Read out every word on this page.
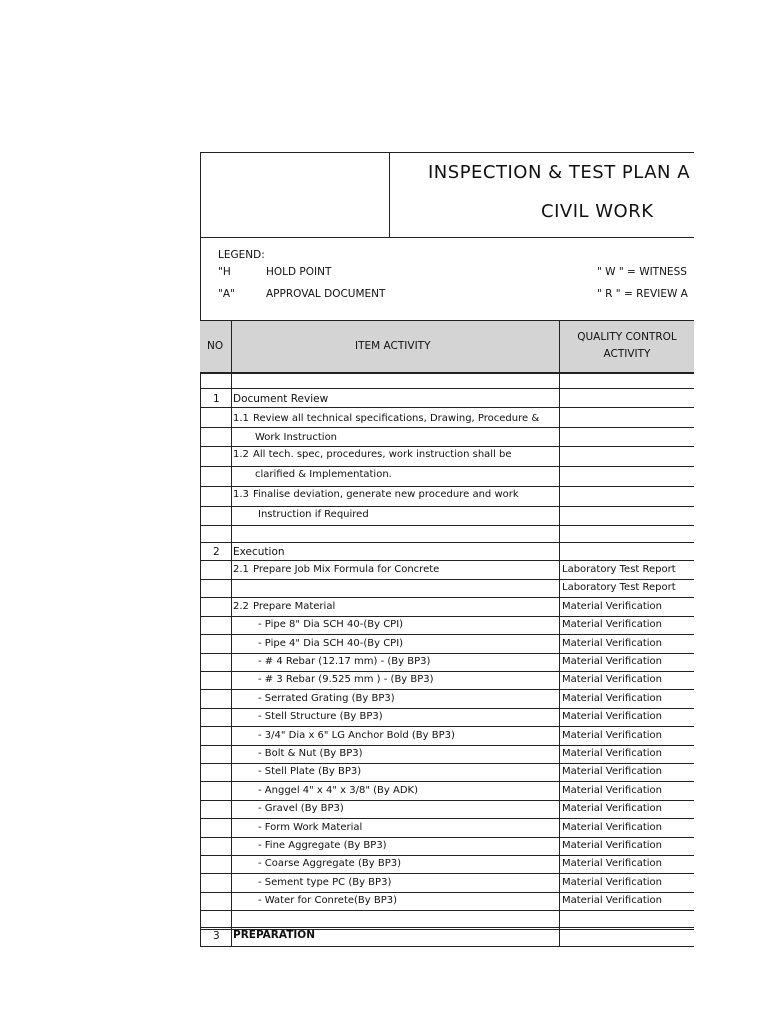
INSPECTION & TEST PLAN A
CIVIL WORK
LEGEND:
"H	HOLD POINT
"A"	APPROVAL DOCUMENT
" W " = WITNESS
" R " = REVIEW A
NO	ITEM ACTIVITY
QUALITY CONTROL
ACTIVITY
1 Document Review
1.1 Review all technical specifications, Drawing, Procedure &
Work Instruction
1.2 All tech. spec, procedures, work instruction shall be
clarified & Implementation.
1.3 Finalise deviation, generate new procedure and work
Instruction if Required
2 Execution
2.1 Prepare Job Mix Formula for Concrete	Laboratory Test Report
Laboratory Test Report
2.2 Prepare Material	Material Verification
- Pipe 8" Dia SCH 40-(By CPI)	Material Verification
- Pipe 4" Dia SCH 40-(By CPI)	Material Verification
- # 4 Rebar (12.17 mm) - (By BP3)	Material Verification
- # 3 Rebar (9.525 mm ) - (By BP3)	Material Verification
- Serrated Grating (By BP3)	Material Verification
- Stell Structure (By BP3)	Material Verification
- 3/4" Dia x 6" LG Anchor Bold (By BP3)	Material Verification
- Bolt & Nut (By BP3)	Material Verification
- Stell Plate (By BP3)	Material Verification
- Anggel 4" x 4" x 3/8" (By ADK)	Material Verification
- Gravel (By BP3)	Material Verification
- Form Work Material	Material Verification
- Fine Aggregate (By BP3)	Material Verification
- Coarse Aggregate (By BP3)	Material Verification
- Sement type PC (By BP3)	Material Verification
- Water for Conrete(By BP3)	Material Verification
3 PREPARATION
